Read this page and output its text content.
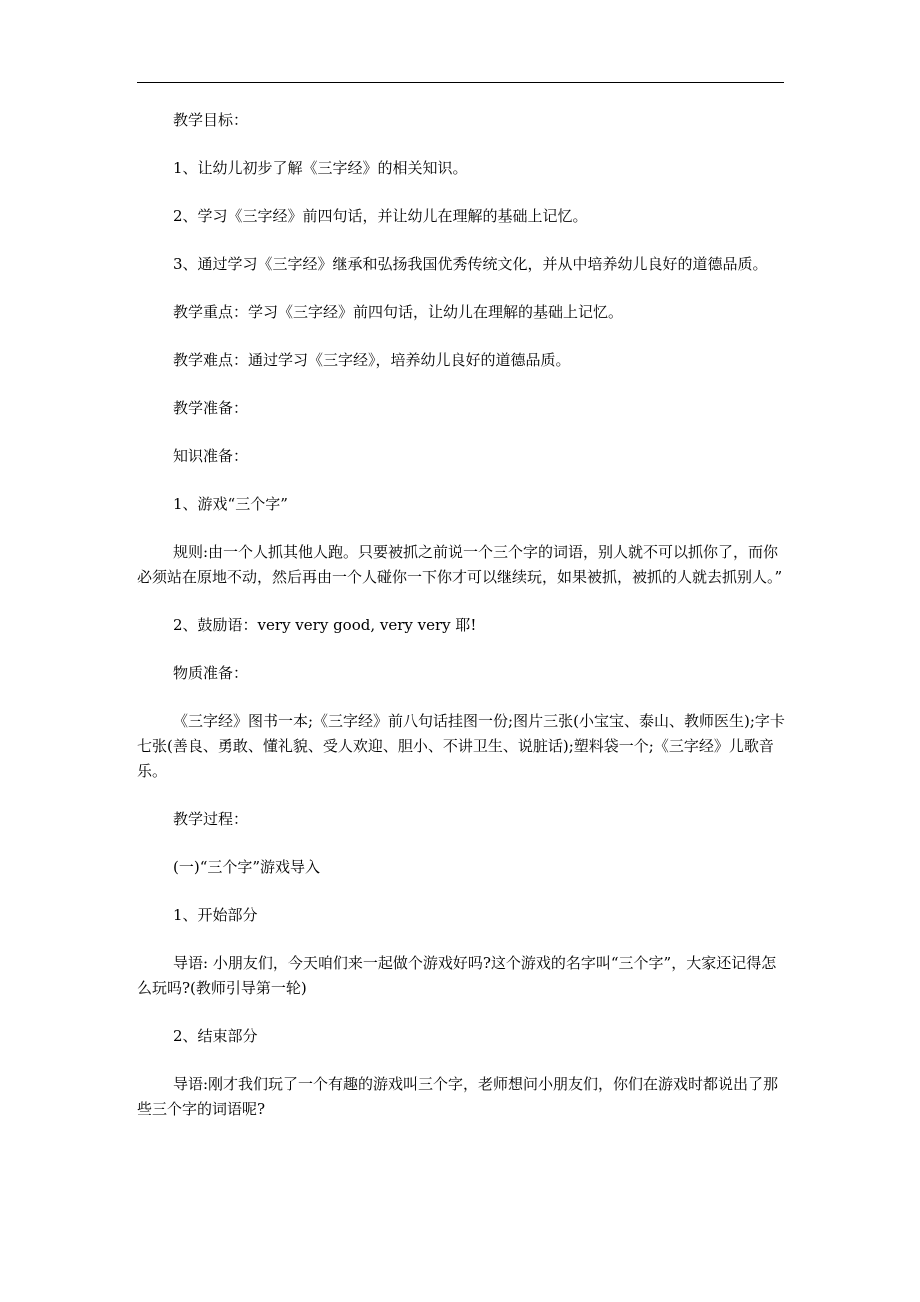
教学目标：

1、让幼儿初步了解《三字经》的相关知识。

2、学习《三字经》前四句话，并让幼儿在理解的基础上记忆。

3、通过学习《三字经》继承和弘扬我国优秀传统文化，并从中培养幼儿良好的道德品质。

教学重点：学习《三字经》前四句话，让幼儿在理解的基础上记忆。

教学难点：通过学习《三字经》，培养幼儿良好的道德品质。

教学准备：

知识准备：

1、游戏“三个字”

规则:由一个人抓其他人跑。只要被抓之前说一个三个字的词语，别人就不可以抓你了，而你必须站在原地不动，然后再由一个人碰你一下你才可以继续玩，如果被抓，被抓的人就去抓别人。”

2、鼓励语：very very good, very very 耶!

物质准备：

《三字经》图书一本;《三字经》前八句话挂图一份;图片三张(小宝宝、泰山、教师医生);字卡七张(善良、勇敢、懂礼貌、受人欢迎、胆小、不讲卫生、说脏话);塑料袋一个;《三字经》儿歌音乐。

教学过程：

(一)“三个字”游戏导入

1、开始部分

导语: 小朋友们，今天咱们来一起做个游戏好吗?这个游戏的名字叫“三个字”，大家还记得怎么玩吗?(教师引导第一轮)

2、结束部分

导语:刚才我们玩了一个有趣的游戏叫三个字，老师想问小朋友们，你们在游戏时都说出了那些三个字的词语呢?
